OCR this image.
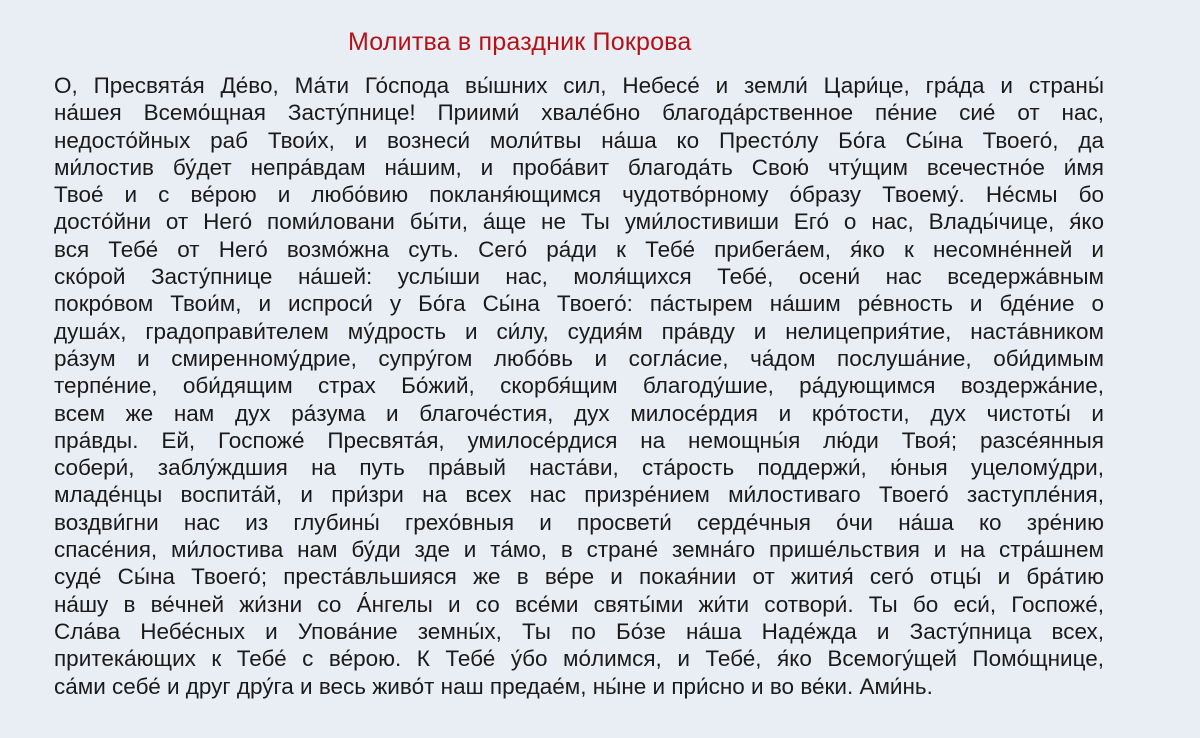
Молитва в праздник Покрова
О, Пресвята́я Де́во, Ма́ти Го́спода вы́шних сил, Небесе́ и земли́ Цари́це, гра́да и страны́
на́шея Всемо́щная Засту́пнице! Приими́ хвале́бно благода́рственное пе́ние сие́ от нас,
недосто́йных раб Твои́х, и вознеси́ моли́твы на́ша ко Престо́лу Бо́га Сы́на Твоего́, да
ми́лостив бу́дет непра́вдам на́шим, и проба́вит благода́ть Свою́ чту́щим всечестно́е и́мя
Твое́ и с ве́рою и любо́вию покланя́ющимся чудотво́рному о́бразу Твоему́. Не́смы бо
досто́йни от Него́ поми́ловани бы́ти, а́ще не Ты уми́лостивиши Его́ о нас, Влады́чице, я́ко
вся Тебе́ от Него́ возмо́жна суть. Сего́ ра́ди к Тебе́ прибега́ем, я́ко к несомне́нней и
ско́рой Засту́пнице на́шей: услы́ши нас, моля́щихся Тебе́, осени́ нас вседержа́вным
покро́вом Твои́м, и испроси́ у Бо́га Сы́на Твоего́: па́стырем на́шим ре́вность и бде́ние о
душа́х, градоправи́телем му́дрость и си́лу, судия́м пра́вду и нелицеприя́тие, наста́вником
ра́зум и смиренному́дрие, супру́гом любо́вь и согла́сие, ча́дом послуша́ние, оби́димым
терпе́ние, оби́дящим страх Бо́жий, скорбя́щим благоду́шие, ра́дующимся воздержа́ние,
всем же нам дух ра́зума и благоче́стия, дух милосе́рдия и кро́тости, дух чистоты́ и
пра́вды. Ей, Госпоже́ Пресвята́я, умилосе́рдися на немощны́я лю́ди Твоя́; разсе́янныя
собери́, заблу́ждшия на путь пра́вый наста́ви, ста́рость поддержи́, ю́ныя уцелому́дри,
младе́нцы воспита́й, и при́зри на всех нас призре́нием ми́лостиваго Твоего́ заступле́ния,
воздви́гни нас из глубины́ грехо́вныя и просвети́ серде́чныя о́чи на́ша ко зре́нию
спасе́ния, ми́лостива нам бу́ди зде и та́мо, в стране́ земна́го прише́льствия и на стра́шнем
суде́ Сы́на Твоего́; преста́вльшияся же в ве́ре и покая́нии от жития́ сего́ отцы́ и бра́тию
на́шу в ве́чней жи́зни со А́нгелы и со все́ми святы́ми жи́ти сотвори́. Ты бо еси́, Госпоже́,
Сла́ва Небе́сных и Упова́ние земны́х, Ты по Бо́зе на́ша Наде́жда и Засту́пница всех,
притека́ющих к Тебе́ с ве́рою. К Тебе́ у́бо мо́лимся, и Тебе́, я́ко Всемогу́щей Помо́щнице,
са́ми себе́ и друг дру́га и весь живо́т наш предае́м, ны́не и при́сно и во ве́ки. Ами́нь.
